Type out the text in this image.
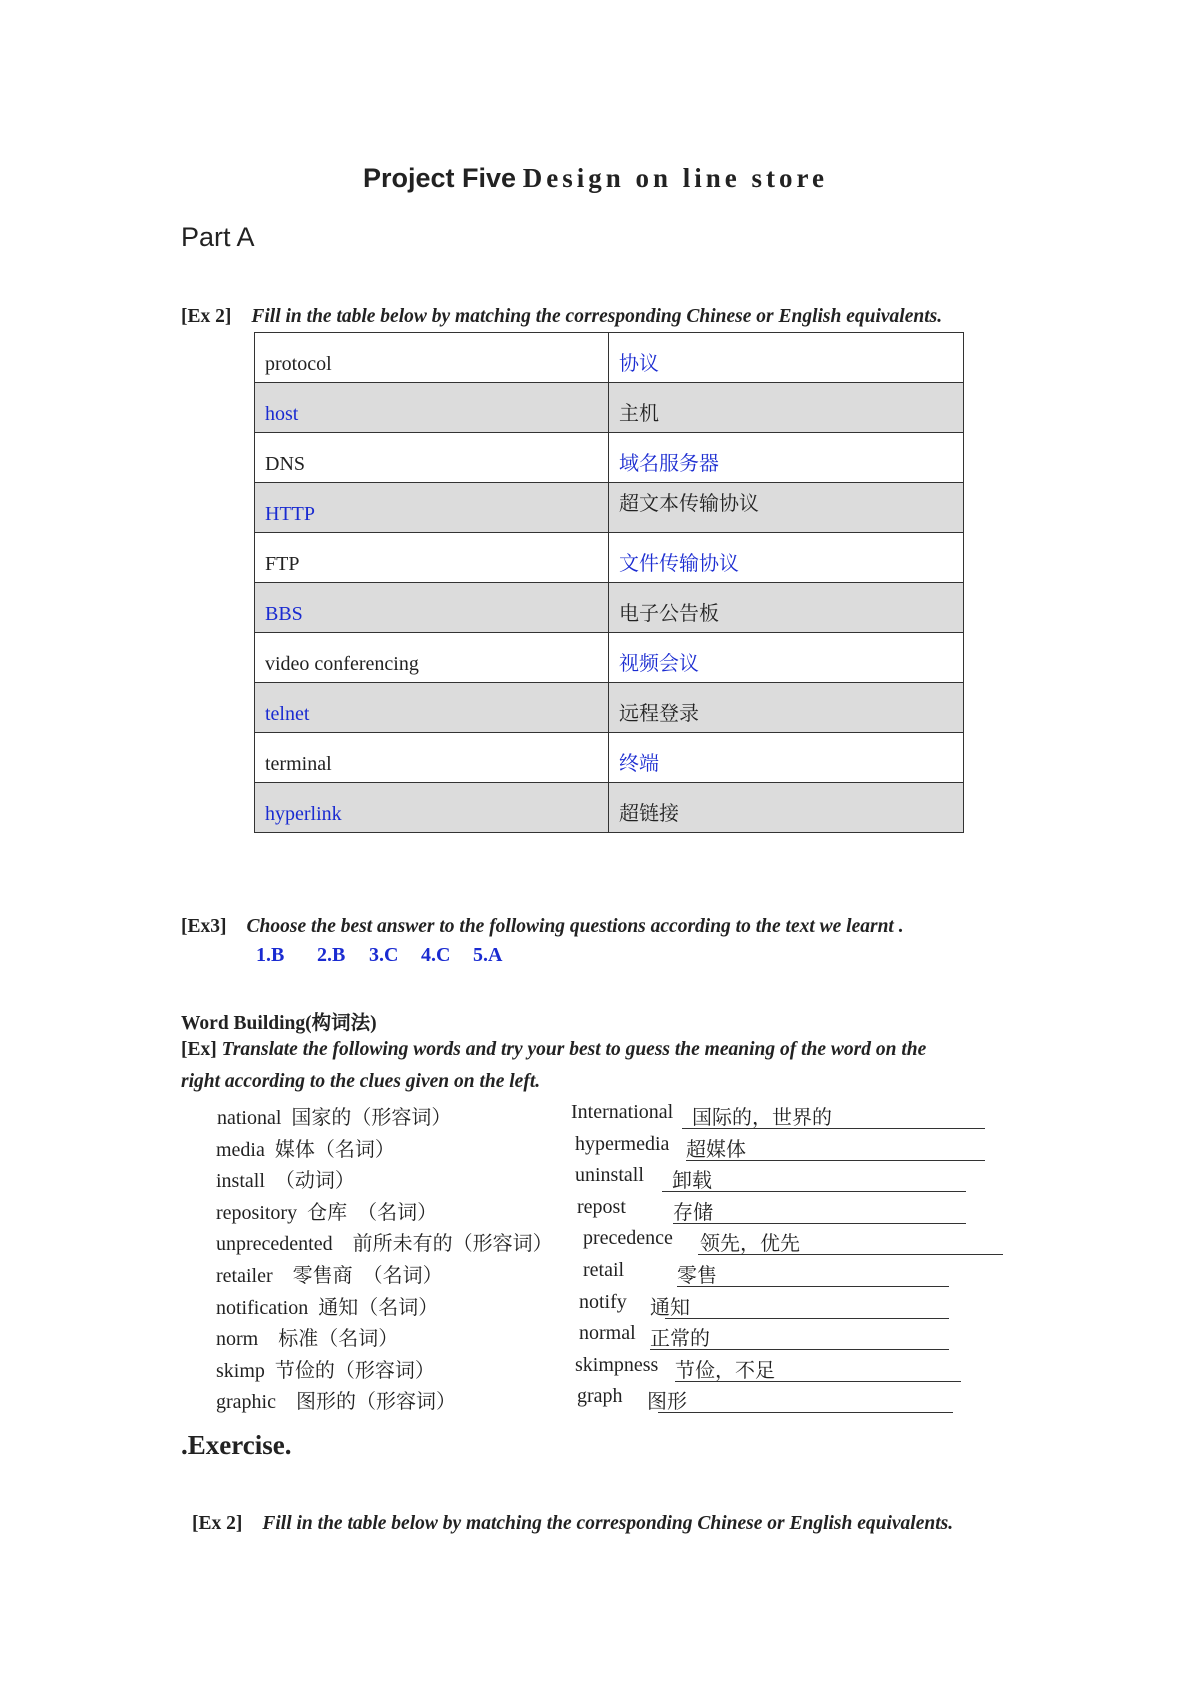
Project Five Design on line store
Part A
[Ex 2] Fill in the table below by matching the corresponding Chinese or English equivalents.
protocol	协议
host	主机
DNS	域名服务器
HTTP	超文本传输协议
FTP	文件传输协议
BBS	电子公告板
video conferencing	视频会议
telnet	远程登录
terminal	终端
hyperlink	超链接
[Ex3] Choose the best answer to the following questions according to the text we learnt .
1.B 2.B 3.C 4.C 5.A
Word Building(构词法)
[Ex] Translate the following words and try your best to guess the meaning of the word on the
right according to the clues given on the left.
national  国家的（形容词）	International 国际的，世界的
media  媒体（名词）	hypermedia 超媒体
install  （动词）	uninstall 卸载
repository  仓库  （名词）	repost 存储
unprecedented    前所未有的（形容词） precedence 领先，优先
retailer    零售商  （名词）	retail	零售
notification  通知（名词）	notify 通知
norm    标准（名词）	normal 正常的
skimp  节俭的（形容词）	skimpness 节俭，不足
graphic    图形的（形容词）	graph 图形
.Exercise.
[Ex 2] Fill in the table below by matching the corresponding Chinese or English equivalents.
